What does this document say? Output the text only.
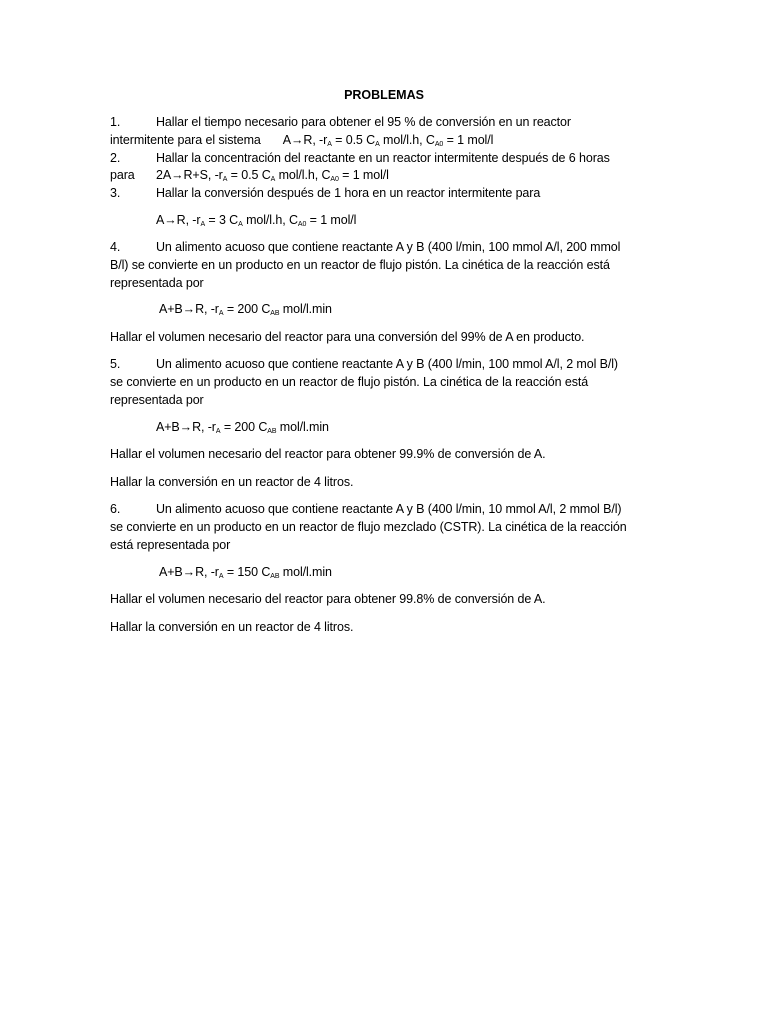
PROBLEMAS
1.	Hallar el tiempo necesario para obtener el 95 % de conversión en un reactor
intermitente para el sistema A→R, $-r_A = 0.5$ $C_A$ mol/l.h, $C_{A0} = 1$ mol/l
2.	Hallar la concentración del reactante en un reactor intermitente después de 6 horas
para 2A→R+S, $-r_A = 0.5$ $C_A$ mol/l.h, $C_{A0} = 1$ mol/l
3.	Hallar la conversión después de 1 hora en un reactor intermitente para
A→R, $-r_A = 3$ $C_A$ mol/l.h, $C_{A0} = 1$ mol/l
4.	Un alimento acuoso que contiene reactante A y B (400 l/min, 100 mmol A/l, 200 mmol
B/l) se convierte en un producto en un reactor de flujo pistón. La cinética de la reacción está
representada por
A+B→R, $-r_A = 200$ $C_{AB}$ mol/l.min
Hallar el volumen necesario del reactor para una conversión del 99% de A en producto.
5.	Un alimento acuoso que contiene reactante A y B (400 l/min, 100 mmol A/l, 2 mol B/l)
se convierte en un producto en un reactor de flujo pistón. La cinética de la reacción está
representada por
A+B→R, $-r_A = 200$ $C_{AB}$ mol/l.min
Hallar el volumen necesario del reactor para obtener 99.9% de conversión de A.
Hallar la conversión en un reactor de 4 litros.
6.	Un alimento acuoso que contiene reactante A y B (400 l/min, 10 mmol A/l, 2 mmol B/l)
se convierte en un producto en un reactor de flujo mezclado (CSTR). La cinética de la reacción
está representada por
A+B→R, $-r_A = 150$ $C_{AB}$ mol/l.min
Hallar el volumen necesario del reactor para obtener 99.8% de conversión de A.
Hallar la conversión en un reactor de 4 litros.
